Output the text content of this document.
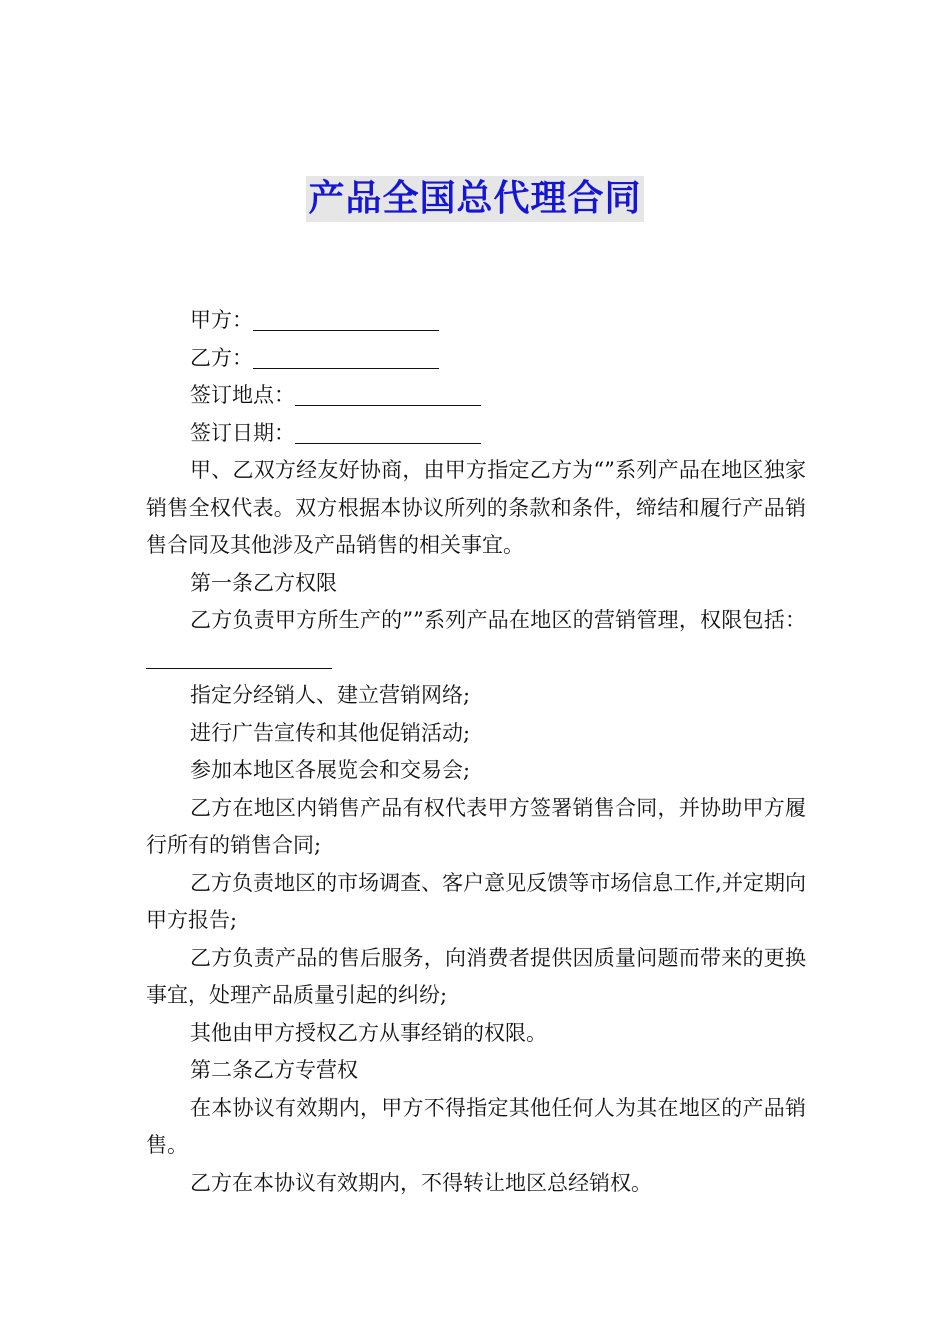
产品全国总代理合同

甲方：

乙方：

签订地点：

签订日期：

甲、乙双方经友好协商，由甲方指定乙方为“”系列产品在地区独家销售全权代表。双方根据本协议所列的条款和条件，缔结和履行产品销售合同及其他涉及产品销售的相关事宜。

第一条乙方权限

乙方负责甲方所生产的””系列产品在地区的营销管理，权限包括：

指定分经销人、建立营销网络;

进行广告宣传和其他促销活动;

参加本地区各展览会和交易会;

乙方在地区内销售产品有权代表甲方签署销售合同，并协助甲方履行所有的销售合同;

乙方负责地区的市场调查、客户意见反馈等市场信息工作,并定期向甲方报告;

乙方负责产品的售后服务，向消费者提供因质量问题而带来的更换事宜，处理产品质量引起的纠纷;

其他由甲方授权乙方从事经销的权限。

第二条乙方专营权

在本协议有效期内，甲方不得指定其他任何人为其在地区的产品销售。

乙方在本协议有效期内，不得转让地区总经销权。
